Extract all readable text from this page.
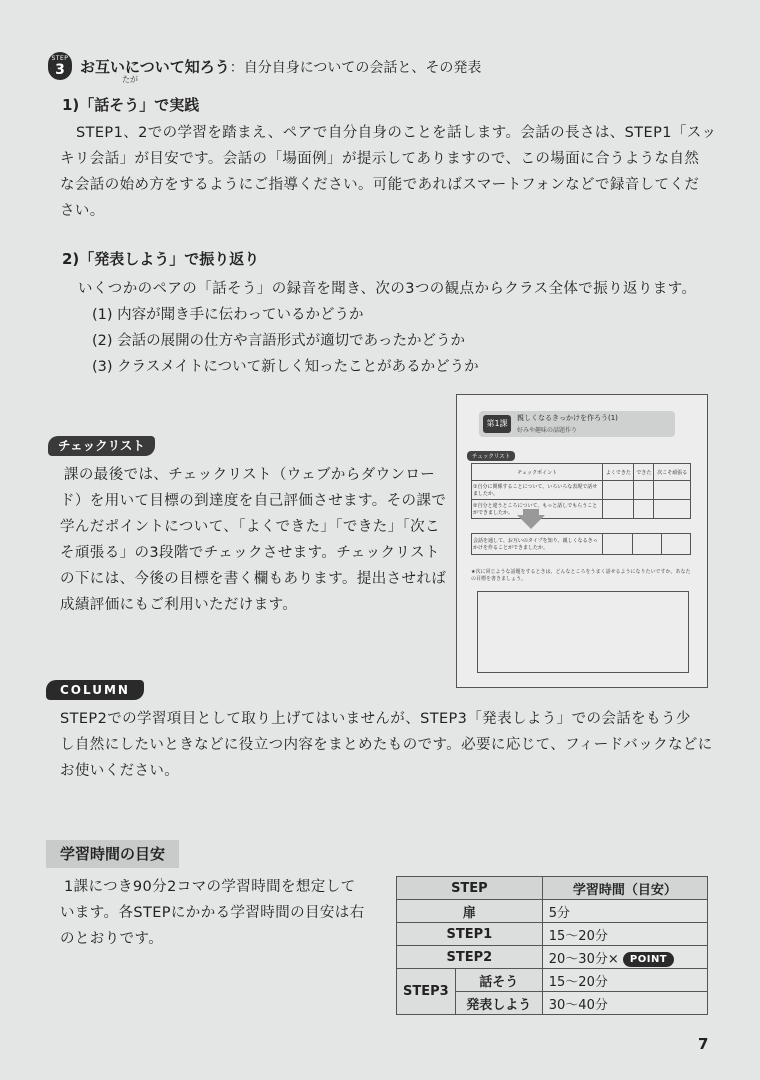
STEP
3	お互いについて知ろう：自分自身についての会話と、その発表
たが
1)「話そう」で実践
STEP1、2での学習を踏まえ、ペアで自分自身のことを話します。会話の長さは、STEP1「スッ
キリ会話」が目安です。会話の「場面例」が提示してありますので、この場面に合うような自然
な会話の始め方をするようにご指導ください。可能であればスマートフォンなどで録音してくだ
さい。
2)「発表しよう」で振り返り
いくつかのペアの「話そう」の録音を聞き、次の3つの観点からクラス全体で振り返ります。
(1) 内容が聞き手に伝わっているかどうか
(2) 会話の展開の仕方や言語形式が適切であったかどうか
(3) クラスメイトについて新しく知ったことがあるかどうか
チェックリスト
課の最後では、チェックリスト（ウェブからダウンロー
ド）を用いて目標の到達度を自己評価させます。その課で
学んだポイントについて、「よくできた」「できた」「次こ
そ頑張る」の3段階でチェックさせます。チェックリスト
の下には、今後の目標を書く欄もあります。提出させれば
成績評価にもご利用いただけます。
第1課
親しくなるきっかけを作ろう(1)
好みや趣味の話題作り
チェックリスト
チェックポイント	よくできた	できた	次こそ頑張る
①自分に関係することについて、いろいろな表現で話せましたか。			
②自分と違うところについて、もっと話しでもらうことができましたか。			
会話を通して、お互いのタイプを知り、親しくなるきっかけを作ることができましたか。			
★次に同じような話題をするときは、どんなところをうまく話せるようになりたいですか。あなたの目標を書きましょう。
COLUMN
STEP2での学習項目として取り上げてはいませんが、STEP3「発表しよう」での会話をもう少
し自然にしたいときなどに役立つ内容をまとめたものです。必要に応じて、フィードバックなどに
お使いください。
学習時間の目安
1課につき90分2コマの学習時間を想定して
います。各STEPにかかる学習時間の目安は右
のとおりです。
STEP		学習時間（目安）
扉		5分
STEP1		15〜20分
STEP2		20〜30分× POINT
STEP3	話そう	15〜20分
	発表しよう	30〜40分
7
